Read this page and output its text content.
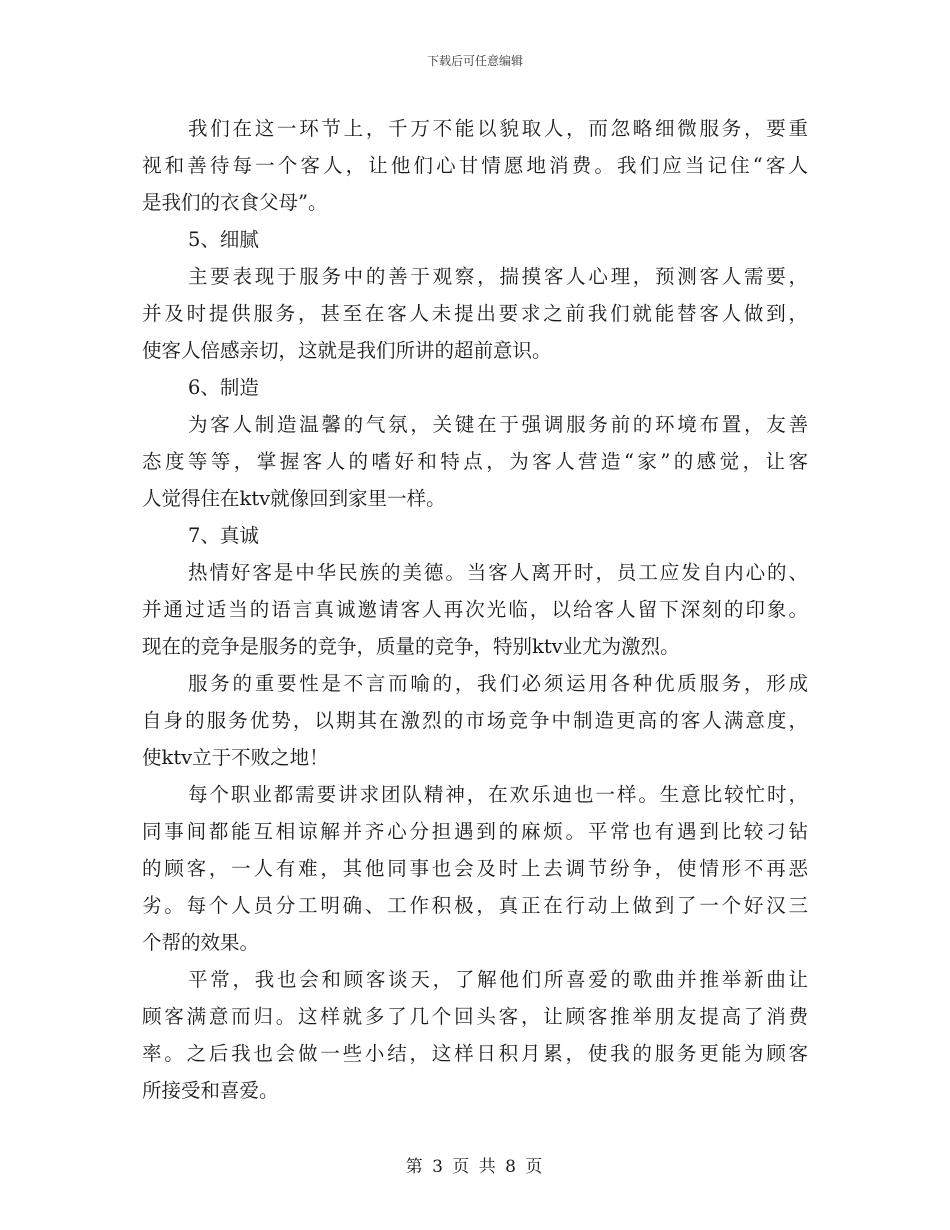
下载后可任意编辑
我们在这一环节上，千万不能以貌取人，而忽略细微服务，要重
视和善待每一个客人，让他们心甘情愿地消费。我们应当记住“客人
是我们的衣食父母”。
5、细腻
主要表现于服务中的善于观察，揣摸客人心理，预测客人需要，
并及时提供服务，甚至在客人未提出要求之前我们就能替客人做到，
使客人倍感亲切，这就是我们所讲的超前意识。
6、制造
为客人制造温馨的气氛，关键在于强调服务前的环境布置，友善
态度等等，掌握客人的嗜好和特点，为客人营造“家”的感觉，让客
人觉得住在ktv就像回到家里一样。
7、真诚
热情好客是中华民族的美德。当客人离开时，员工应发自内心的、
并通过适当的语言真诚邀请客人再次光临，以给客人留下深刻的印象。
现在的竞争是服务的竞争，质量的竞争，特别ktv业尤为激烈。
服务的重要性是不言而喻的，我们必须运用各种优质服务，形成
自身的服务优势，以期其在激烈的市场竞争中制造更高的客人满意度，
使ktv立于不败之地！
每个职业都需要讲求团队精神，在欢乐迪也一样。生意比较忙时，
同事间都能互相谅解并齐心分担遇到的麻烦。平常也有遇到比较刁钻
的顾客，一人有难，其他同事也会及时上去调节纷争，使情形不再恶
劣。每个人员分工明确、工作积极，真正在行动上做到了一个好汉三
个帮的效果。
平常，我也会和顾客谈天，了解他们所喜爱的歌曲并推举新曲让
顾客满意而归。这样就多了几个回头客，让顾客推举朋友提高了消费
率。之后我也会做一些小结，这样日积月累，使我的服务更能为顾客
所接受和喜爱。
第 3 页 共 8 页
